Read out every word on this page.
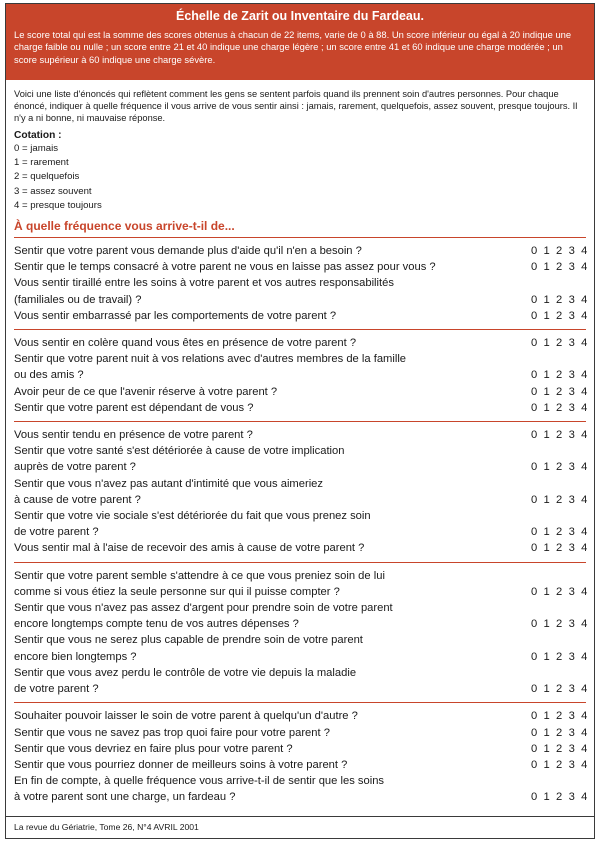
Échelle de Zarit ou Inventaire du Fardeau.

Le score total qui est la somme des scores obtenus à chacun de 22 items, varie de 0 à 88. Un score inférieur ou égal à 20 indique une charge faible ou nulle ; un score entre 21 et 40 indique une charge légère ; un score entre 41 et 60 indique une charge modérée ; un score supérieur à 60 indique une charge sévère.

Voici une liste d'énoncés qui reflètent comment les gens se sentent parfois quand ils prennent soin d'autres personnes. Pour chaque énoncé, indiquer à quelle fréquence il vous arrive de vous sentir ainsi : jamais, rarement, quelquefois, assez souvent, presque toujours. Il n'y a ni bonne, ni mauvaise réponse.

Cotation :
0 = jamais
1 = rarement
2 = quelquefois
3 = assez souvent
4 = presque toujours
À quelle fréquence vous arrive-t-il de...
Sentir que votre parent vous demande plus d'aide qu'il n'en a besoin ?	0 1 2 3 4
Sentir que le temps consacré à votre parent ne vous en laisse pas assez pour vous ?	0 1 2 3 4
Vous sentir tiraillé entre les soins à votre parent et vos autres responsabilités
(familiales ou de travail) ?	0 1 2 3 4
Vous sentir embarrassé par les comportements de votre parent ?	0 1 2 3 4
Vous sentir en colère quand vous êtes en présence de votre parent ?	0 1 2 3 4
Sentir que votre parent nuit à vos relations avec d'autres membres de la famille
ou des amis ?	0 1 2 3 4
Avoir peur de ce que l'avenir réserve à votre parent ?	0 1 2 3 4
Sentir que votre parent est dépendant de vous ?	0 1 2 3 4
Vous sentir tendu en présence de votre parent ?	0 1 2 3 4
Sentir que votre santé s'est détériorée à cause de votre implication
auprès de votre parent ?	0 1 2 3 4
Sentir que vous n'avez pas autant d'intimité que vous aimeriez
à cause de votre parent ?	0 1 2 3 4
Sentir que votre vie sociale s'est détériorée du fait que vous prenez soin
de votre parent ?	0 1 2 3 4
Vous sentir mal à l'aise de recevoir des amis à cause de votre parent ?	0 1 2 3 4
Sentir que votre parent semble s'attendre à ce que vous preniez soin de lui
comme si vous étiez la seule personne sur qui il puisse compter ?	0 1 2 3 4
Sentir que vous n'avez pas assez d'argent pour prendre soin de votre parent
encore longtemps compte tenu de vos autres dépenses ?	0 1 2 3 4
Sentir que vous ne serez plus capable de prendre soin de votre parent
encore bien longtemps ?	0 1 2 3 4
Sentir que vous avez perdu le contrôle de votre vie depuis la maladie
de votre parent ?	0 1 2 3 4
Souhaiter pouvoir laisser le soin de votre parent à quelqu'un d'autre ?	0 1 2 3 4
Sentir que vous ne savez pas trop quoi faire pour votre parent ?	0 1 2 3 4
Sentir que vous devriez en faire plus pour votre parent ?	0 1 2 3 4
Sentir que vous pourriez donner de meilleurs soins à votre parent ?	0 1 2 3 4
En fin de compte, à quelle fréquence vous arrive-t-il de sentir que les soins
à votre parent sont une charge, un fardeau ?	0 1 2 3 4
La revue du Gériatrie, Tome 26, N°4 AVRIL 2001
